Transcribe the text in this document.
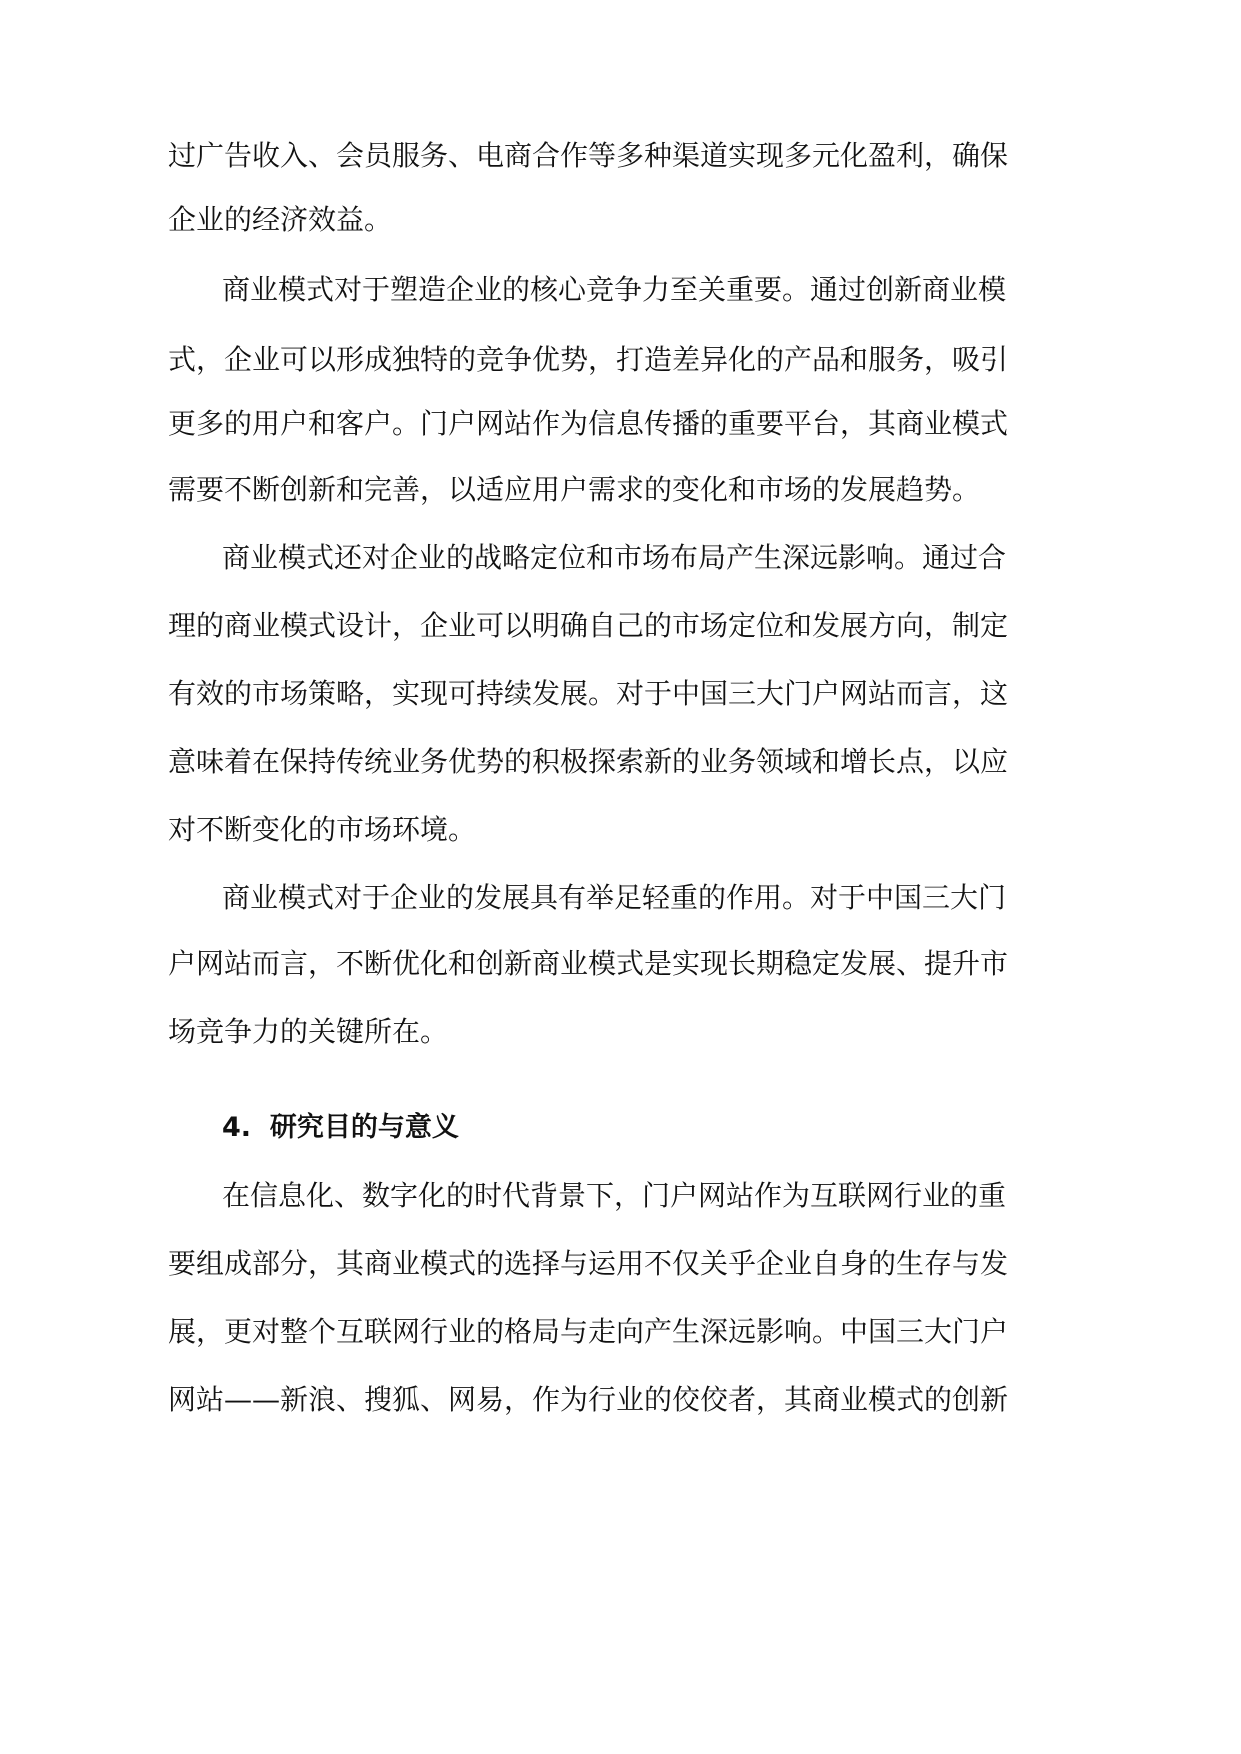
过广告收入、会员服务、电商合作等多种渠道实现多元化盈利，确保
企业的经济效益。
商业模式对于塑造企业的核心竞争力至关重要。通过创新商业模
式，企业可以形成独特的竞争优势，打造差异化的产品和服务，吸引
更多的用户和客户。门户网站作为信息传播的重要平台，其商业模式
需要不断创新和完善，以适应用户需求的变化和市场的发展趋势。
商业模式还对企业的战略定位和市场布局产生深远影响。通过合
理的商业模式设计，企业可以明确自己的市场定位和发展方向，制定
有效的市场策略，实现可持续发展。对于中国三大门户网站而言，这
意味着在保持传统业务优势的积极探索新的业务领域和增长点，以应
对不断变化的市场环境。
商业模式对于企业的发展具有举足轻重的作用。对于中国三大门
户网站而言，不断优化和创新商业模式是实现长期稳定发展、提升市
场竞争力的关键所在。
4.  研究目的与意义
在信息化、数字化的时代背景下，门户网站作为互联网行业的重
要组成部分，其商业模式的选择与运用不仅关乎企业自身的生存与发
展，更对整个互联网行业的格局与走向产生深远影响。中国三大门户
网站——新浪、搜狐、网易，作为行业的佼佼者，其商业模式的创新
